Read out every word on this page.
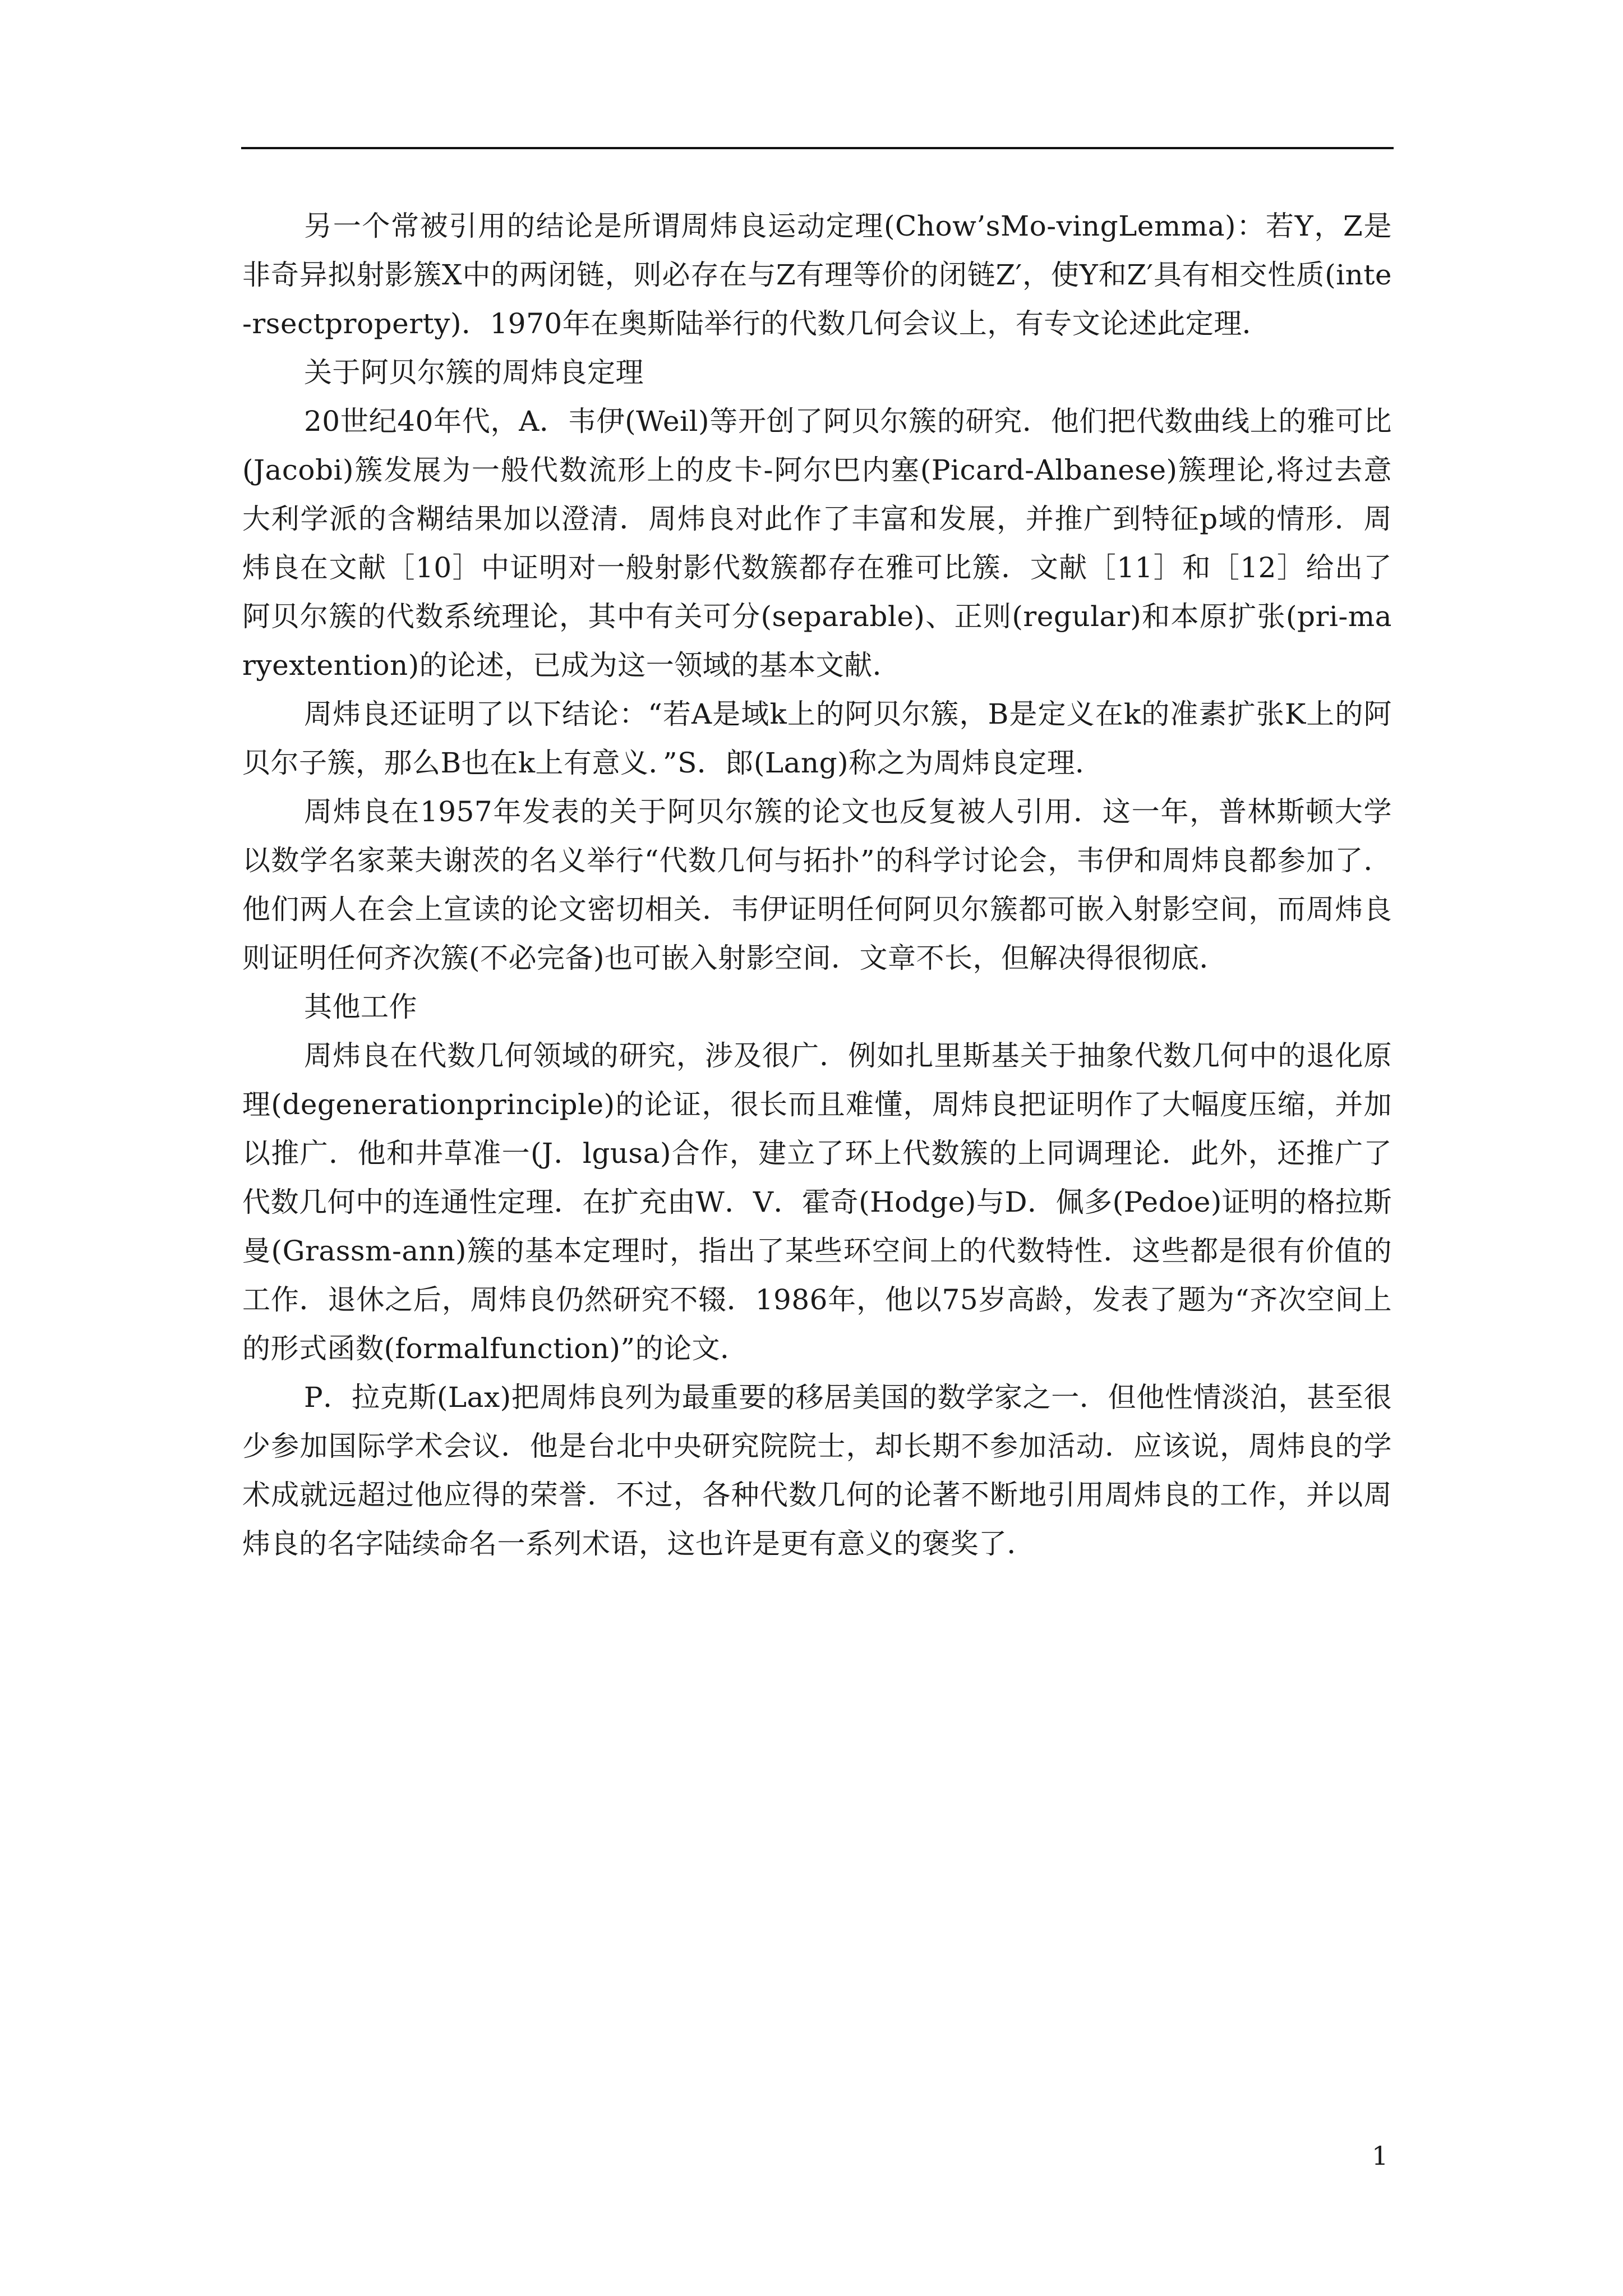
另一个常被引用的结论是所谓周炜良运动定理(Chow’sMo-vingLemma)：若Y，Z是非奇异拟射影簇X中的两闭链，则必存在与Z有理等价的闭链Z′，使Y和Z′具有相交性质(inte-rsectproperty)．1970年在奥斯陆举行的代数几何会议上，有专文论述此定理．

关于阿贝尔簇的周炜良定理

20世纪40年代，A．韦伊(Weil)等开创了阿贝尔簇的研究．他们把代数曲线上的雅可比(Jacobi)簇发展为一般代数流形上的皮卡-阿尔巴内塞(Picard-Albanese)簇理论,将过去意大利学派的含糊结果加以澄清．周炜良对此作了丰富和发展，并推广到特征p域的情形．周炜良在文献［10］中证明对一般射影代数簇都存在雅可比簇．文献［11］和［12］给出了阿贝尔簇的代数系统理论，其中有关可分(separable)、正则(regular)和本原扩张(pri-maryextention)的论述，已成为这一领域的基本文献．

周炜良还证明了以下结论：“若A是域k上的阿贝尔簇，B是定义在k的准素扩张K上的阿贝尔子簇，那么B也在k上有意义．”S．郎(Lang)称之为周炜良定理．

周炜良在1957年发表的关于阿贝尔簇的论文也反复被人引用．这一年，普林斯顿大学以数学名家莱夫谢茨的名义举行“代数几何与拓扑”的科学讨论会，韦伊和周炜良都参加了．他们两人在会上宣读的论文密切相关．韦伊证明任何阿贝尔簇都可嵌入射影空间，而周炜良则证明任何齐次簇(不必完备)也可嵌入射影空间．文章不长，但解决得很彻底．

其他工作

周炜良在代数几何领域的研究，涉及很广．例如扎里斯基关于抽象代数几何中的退化原理(degenerationprinciple)的论证，很长而且难懂，周炜良把证明作了大幅度压缩，并加以推广．他和井草准一(J．lgusa)合作，建立了环上代数簇的上同调理论．此外，还推广了代数几何中的连通性定理．在扩充由W．V．霍奇(Hodge)与D．佩多(Pedoe)证明的格拉斯曼(Grassm-ann)簇的基本定理时，指出了某些环空间上的代数特性．这些都是很有价值的工作．退休之后，周炜良仍然研究不辍．1986年，他以75岁高龄，发表了题为“齐次空间上的形式函数(formalfunction)”的论文．

P．拉克斯(Lax)把周炜良列为最重要的移居美国的数学家之一．但他性情淡泊，甚至很少参加国际学术会议．他是台北中央研究院院士，却长期不参加活动．应该说，周炜良的学术成就远超过他应得的荣誉．不过，各种代数几何的论著不断地引用周炜良的工作，并以周炜良的名字陆续命名一系列术语，这也许是更有意义的褒奖了．

1
